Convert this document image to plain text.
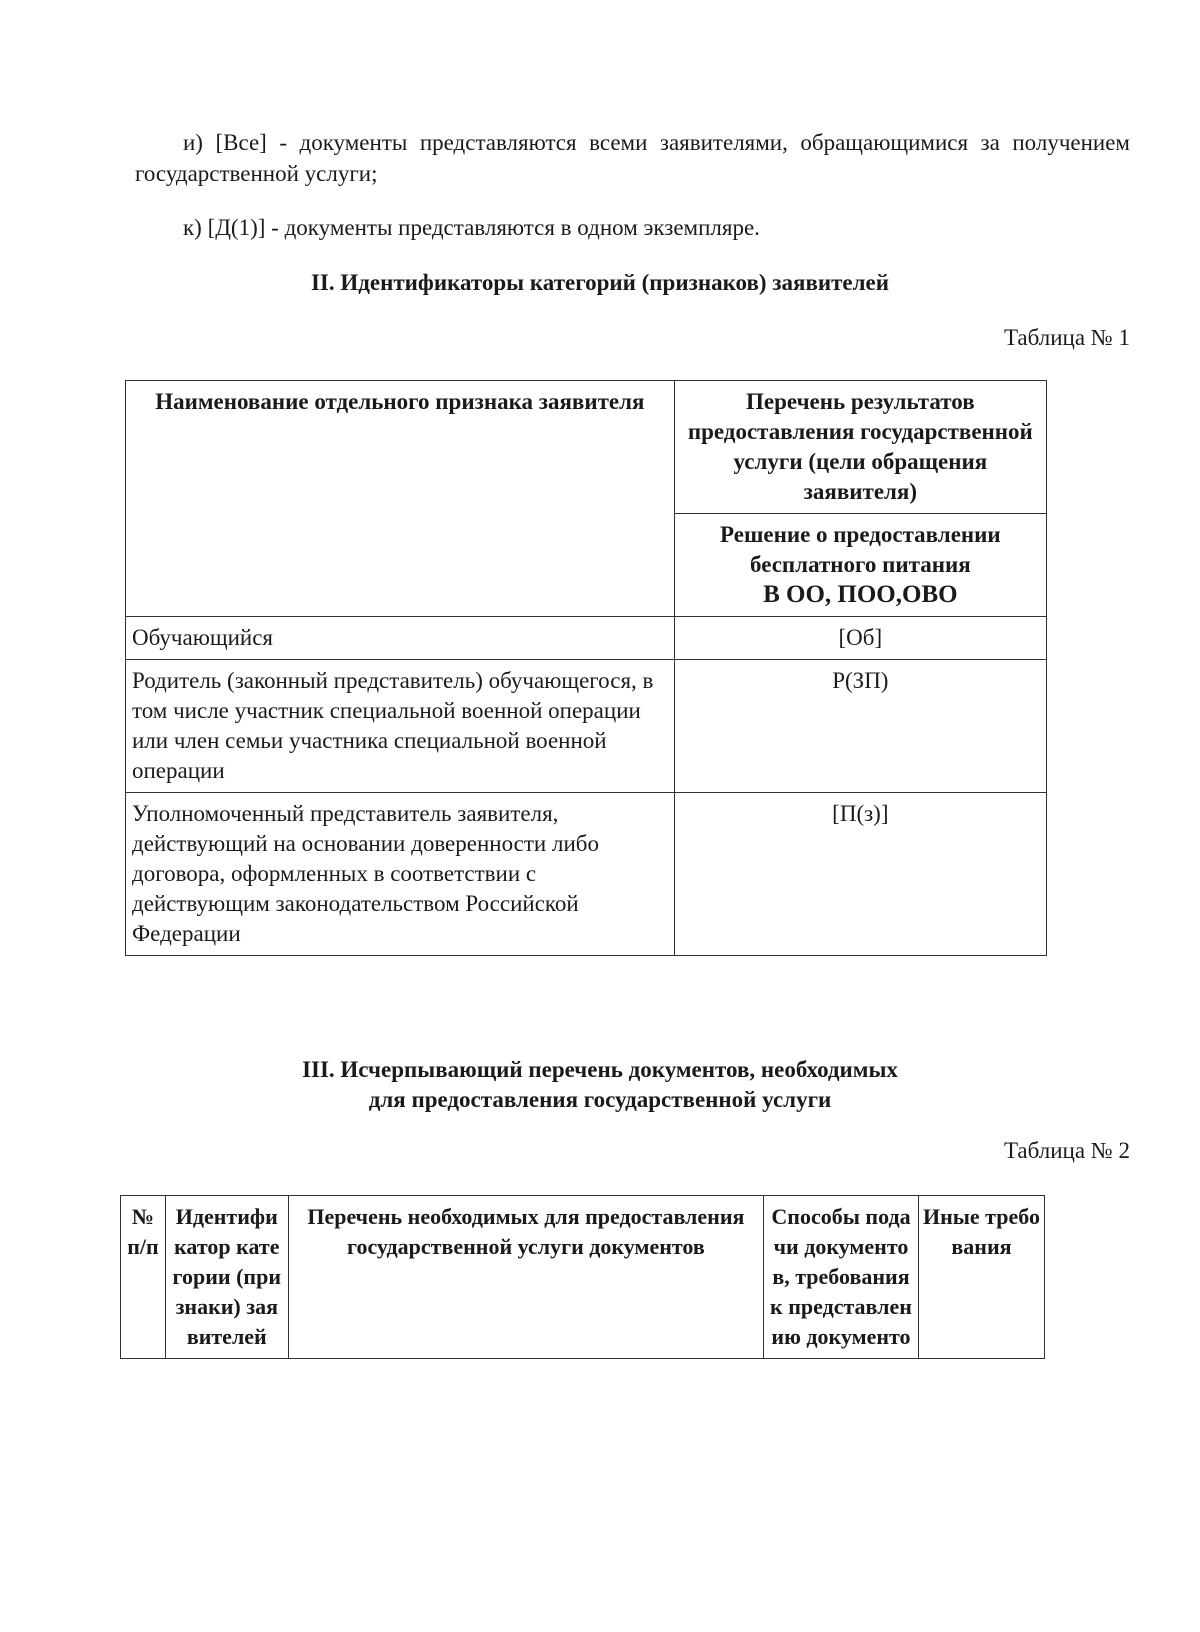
и) [Все] - документы представляются всеми заявителями, обращающимися за получением государственной услуги;
к) [Д(1)] - документы представляются в одном экземпляре.
II. Идентификаторы категорий (признаков) заявителей
Таблица № 1
Наименование отдельного признака заявителя	Перечень результатов предоставления государственной услуги (цели обращения заявителя)

	Решение о предоставлении бесплатного питания
В ОО, ПОО,ОВО

Обучающийся	[Об]
Родитель (законный представитель) обучающегося, в том числе участник специальной военной операции или член семьи участника специальной военной операции	Р(ЗП)
Уполномоченный представитель заявителя, действующий на основании доверенности либо договора, оформленных в соответствии с действующим законодательством Российской Федерации	[П(з)]
III. Исчерпывающий перечень документов, необходимых
для предоставления государственной услуги
Таблица № 2
№ п/п	Идентификатор категории (признаки) заявителей	Перечень необходимых для предоставления государственной услуги документов	Способы подачи документов, требования к представлению документо	Иные требования
